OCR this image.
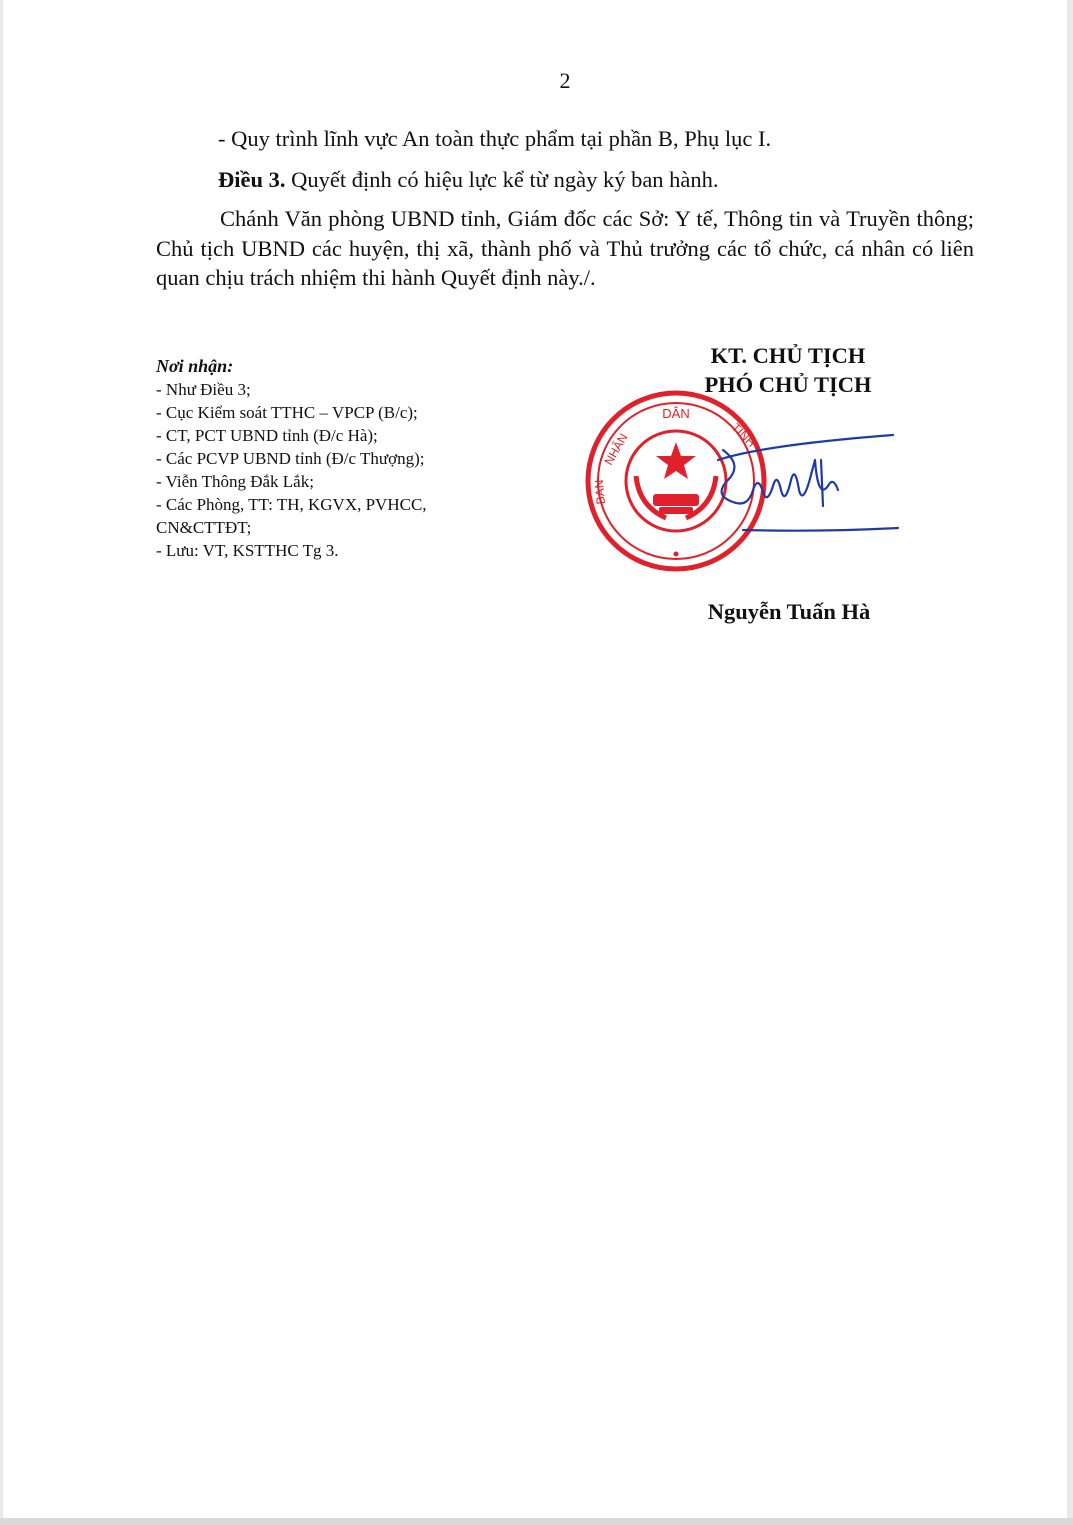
2
- Quy trình lĩnh vực An toàn thực phẩm tại phần B, Phụ lục I.
Điều 3. Quyết định có hiệu lực kể từ ngày ký ban hành.
Chánh Văn phòng UBND tỉnh, Giám đốc các Sở: Y tế, Thông tin và Truyền thông; Chủ tịch UBND các huyện, thị xã, thành phố và Thủ trưởng các tổ chức, cá nhân có liên quan chịu trách nhiệm thi hành Quyết định này./.
Nơi nhận:
- Như Điều 3;
- Cục Kiểm soát TTHC – VPCP (B/c);
- CT, PCT UBND tỉnh (Đ/c Hà);
- Các PCVP UBND tỉnh (Đ/c Thượng);
- Viễn Thông Đắk Lắk;
- Các Phòng, TT: TH, KGVX, PVHCC, CN&CTTĐT;
- Lưu: VT, KSTTHC Tg 3.
KT. CHỦ TỊCH
PHÓ CHỦ TỊCH
DÂN
NHÂN
BAN
TỈNH
Nguyễn Tuấn Hà
